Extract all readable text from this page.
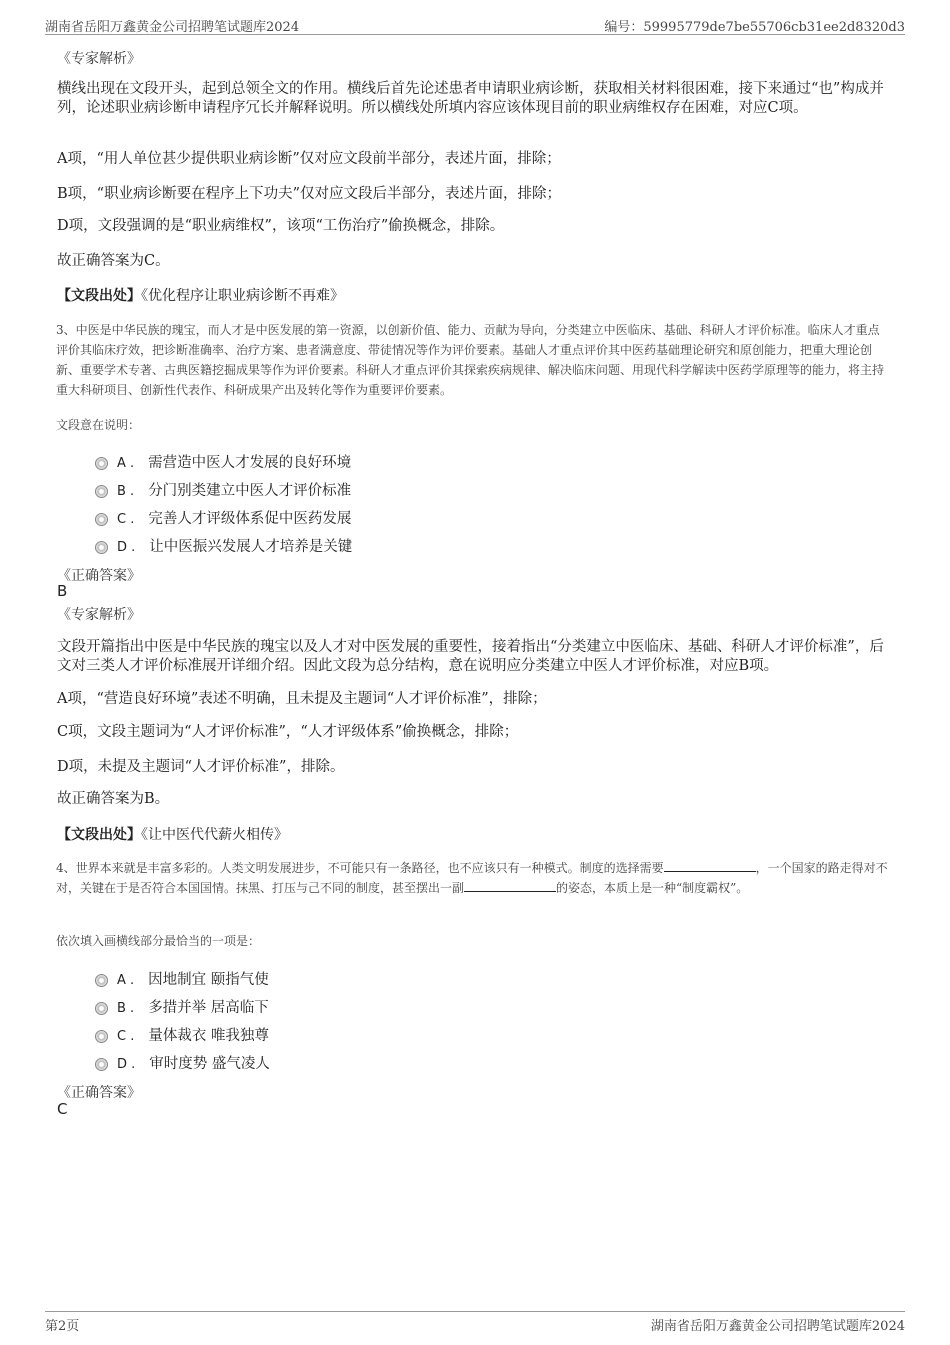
湖南省岳阳万鑫黄金公司招聘笔试题库2024	编号：59995779de7be55706cb31ee2d8320d3
《专家解析》
横线出现在文段开头，起到总领全文的作用。横线后首先论述患者申请职业病诊断，获取相关材料很困难，接下来通过“也”构成并列，论述职业病诊断申请程序冗长并解释说明。所以横线处所填内容应该体现目前的职业病维权存在困难，对应C项。
A项，“用人单位甚少提供职业病诊断”仅对应文段前半部分，表述片面，排除；
B项，“职业病诊断要在程序上下功夫”仅对应文段后半部分，表述片面，排除；
D项，文段强调的是“职业病维权”，该项“工伤治疗”偷换概念，排除。
故正确答案为C。
【文段出处】《优化程序让职业病诊断不再难》
3、中医是中华民族的瑰宝，而人才是中医发展的第一资源，以创新价值、能力、贡献为导向，分类建立中医临床、基础、科研人才评价标准。临床人才重点评价其临床疗效，把诊断准确率、治疗方案、患者满意度、带徒情况等作为评价要素。基础人才重点评价其中医药基础理论研究和原创能力，把重大理论创新、重要学术专著、古典医籍挖掘成果等作为评价要素。科研人才重点评价其探索疾病规律、解决临床问题、用现代科学解读中医药学原理等的能力，将主持重大科研项目、创新性代表作、科研成果产出及转化等作为重要评价要素。
文段意在说明：
A . 需营造中医人才发展的良好环境
B . 分门别类建立中医人才评价标准
C . 完善人才评级体系促中医药发展
D . 让中医振兴发展人才培养是关键
《正确答案》
B
《专家解析》
文段开篇指出中医是中华民族的瑰宝以及人才对中医发展的重要性，接着指出“分类建立中医临床、基础、科研人才评价标准”，后文对三类人才评价标准展开详细介绍。因此文段为总分结构，意在说明应分类建立中医人才评价标准，对应B项。
A项，“营造良好环境”表述不明确，且未提及主题词“人才评价标准”，排除；
C项，文段主题词为“人才评价标准”，“人才评级体系”偷换概念，排除；
D项，未提及主题词“人才评价标准”，排除。
故正确答案为B。
【文段出处】《让中医代代薪火相传》
4、世界本来就是丰富多彩的。人类文明发展进步，不可能只有一条路径，也不应该只有一种模式。制度的选择需要	，一个国家的路走得对不对，关键在于是否符合本国国情。抹黑、打压与己不同的制度，甚至摆出一副	的姿态，本质上是一种“制度霸权”。
依次填入画横线部分最恰当的一项是：
A . 因地制宜 颐指气使
B . 多措并举 居高临下
C . 量体裁衣 唯我独尊
D . 审时度势 盛气凌人
《正确答案》
C
第2页	湖南省岳阳万鑫黄金公司招聘笔试题库2024
